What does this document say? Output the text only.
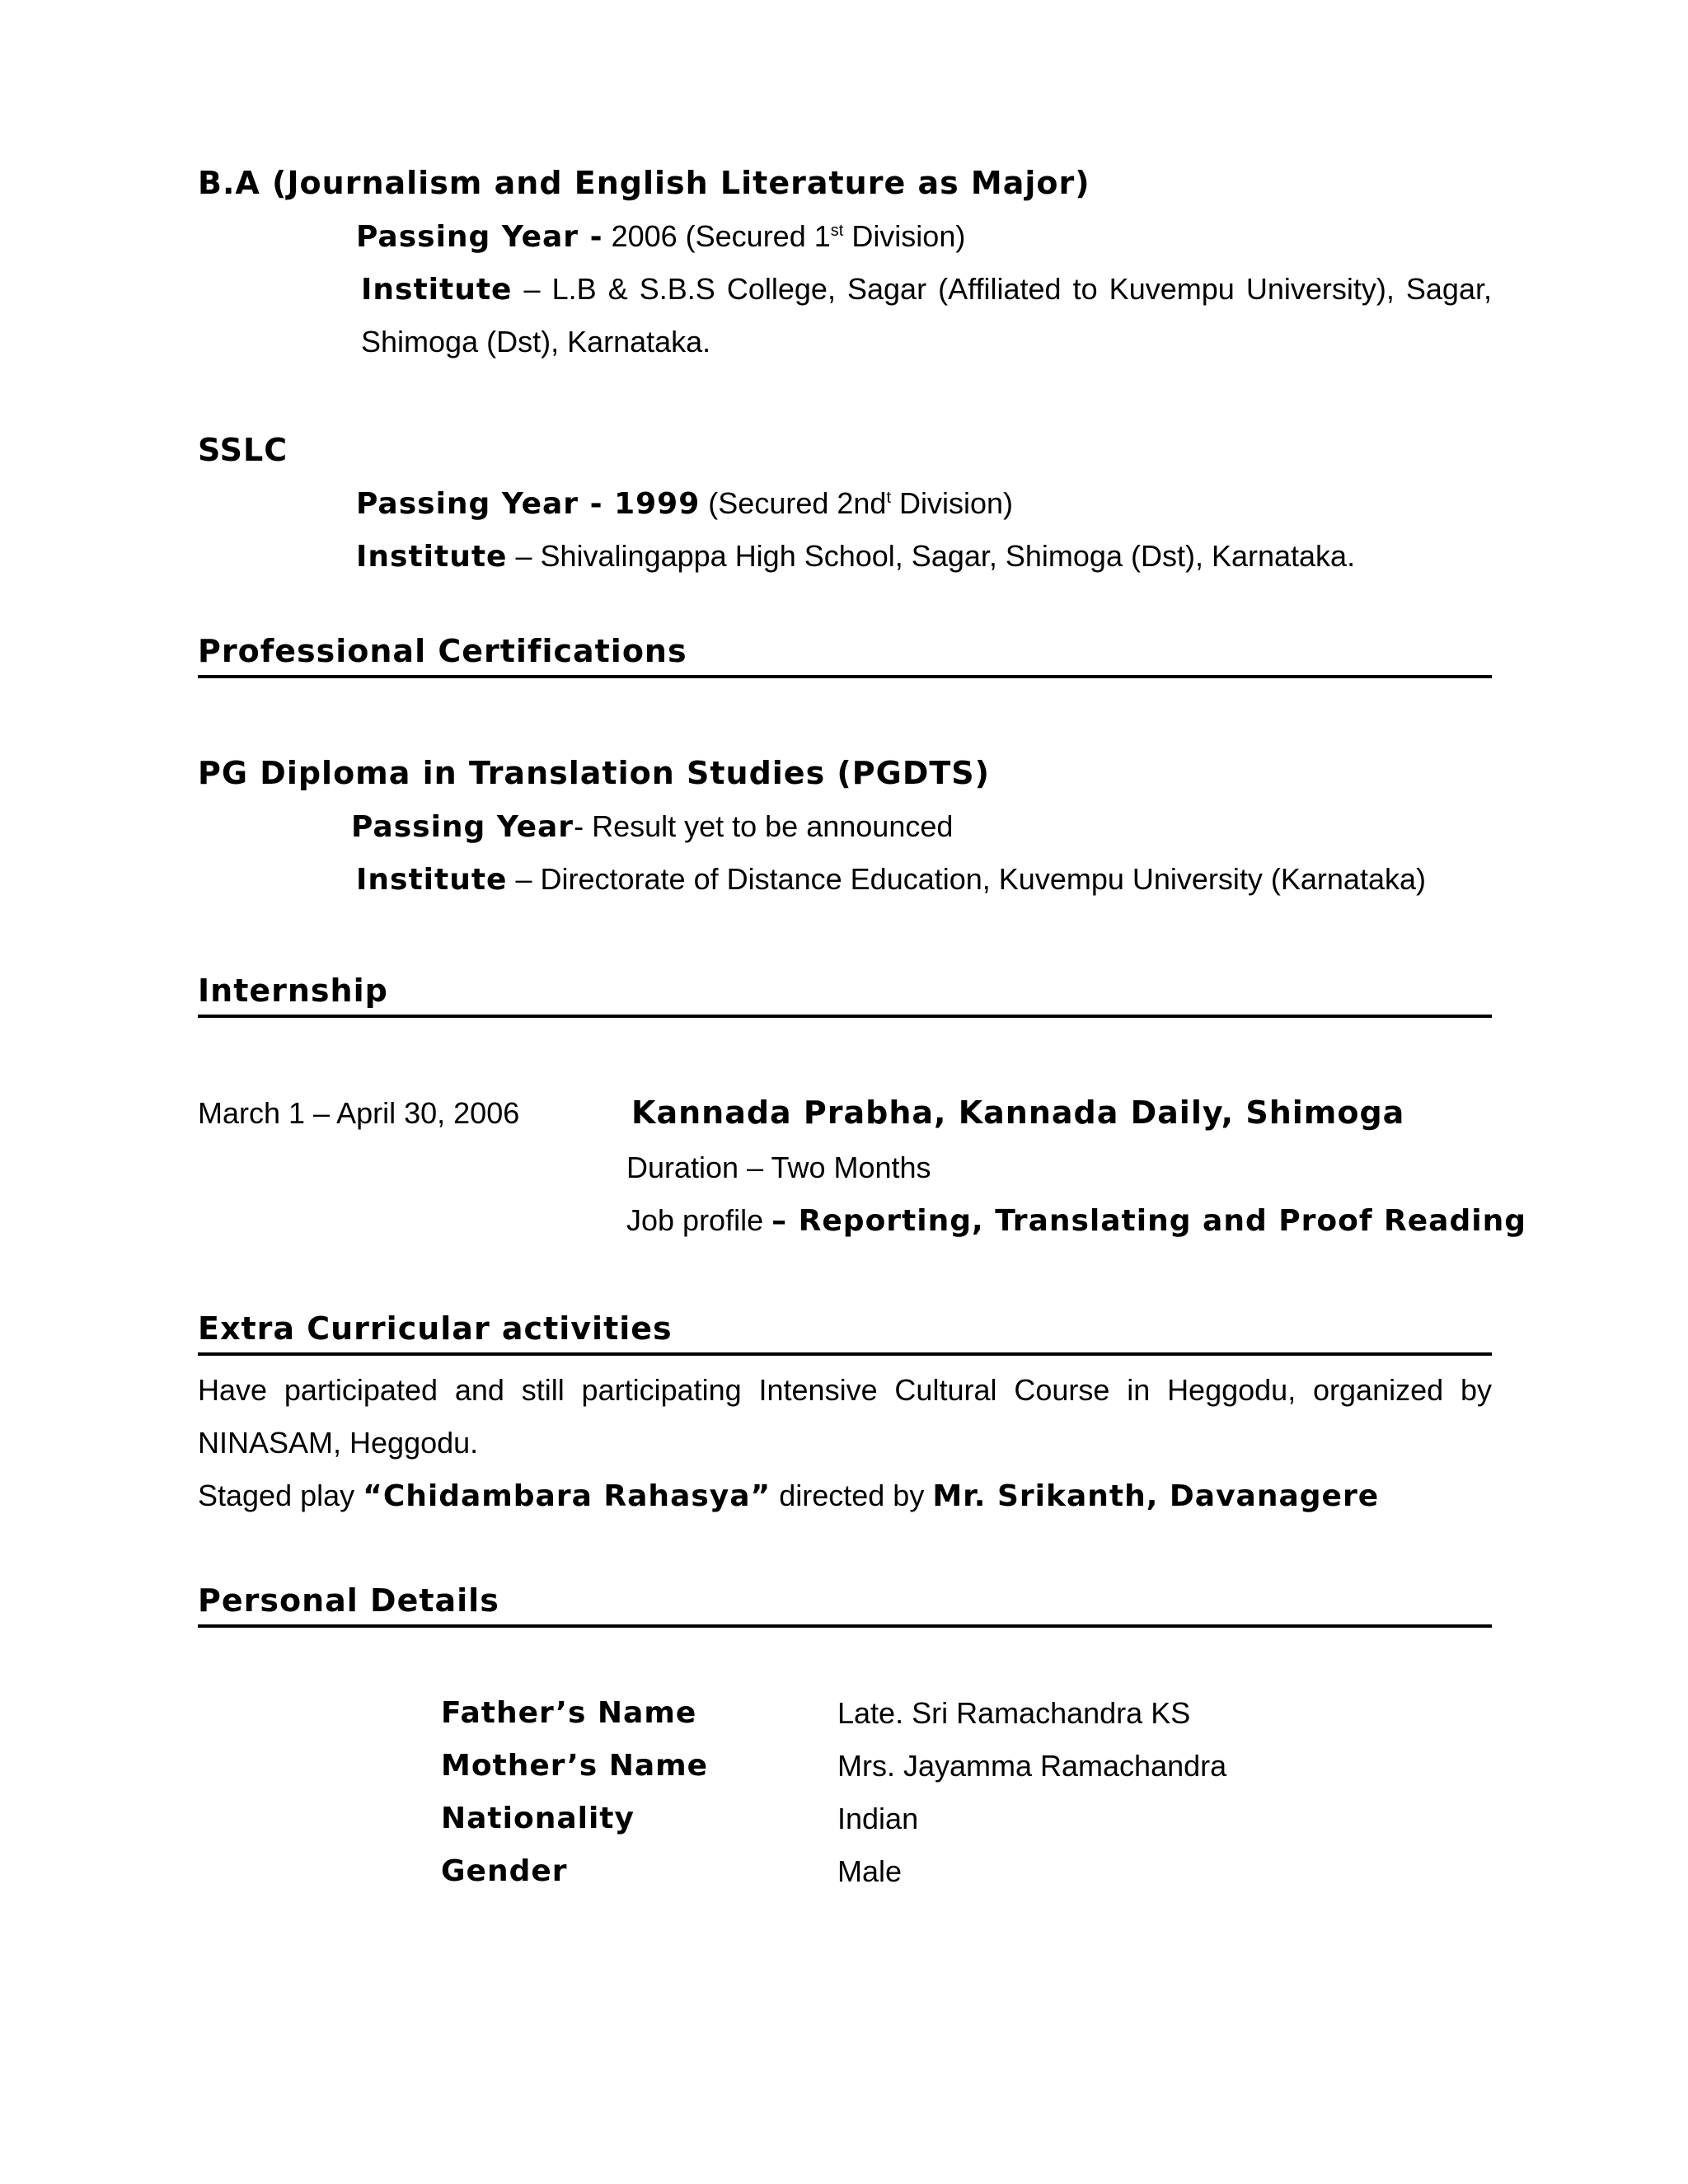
B.A (Journalism and English Literature as Major)
Passing Year - 2006 (Secured 1st Division)
Institute – L.B & S.B.S College, Sagar (Affiliated to Kuvempu University), Sagar,
Shimoga (Dst), Karnataka.
SSLC
Passing Year - 1999 (Secured $2nd^t$ Division)
Institute – Shivalingappa High School, Sagar, Shimoga (Dst), Karnataka.
Professional Certifications
PG Diploma in Translation Studies (PGDTS)
Passing Year- Result yet to be announced
Institute – Directorate of Distance Education, Kuvempu University (Karnataka)
Internship
March 1 – April 30, 2006	Kannada Prabha, Kannada Daily, Shimoga
Duration – Two Months
Job profile – Reporting, Translating and Proof Reading
Extra Curricular activities
Have participated and still participating Intensive Cultural Course in Heggodu, organized by
NINASAM, Heggodu.
Staged play “Chidambara Rahasya” directed by Mr. Srikanth, Davanagere
Personal Details
Father’s Name	Late. Sri Ramachandra KS
Mother’s Name	Mrs. Jayamma Ramachandra
Nationality	Indian
Gender	Male
